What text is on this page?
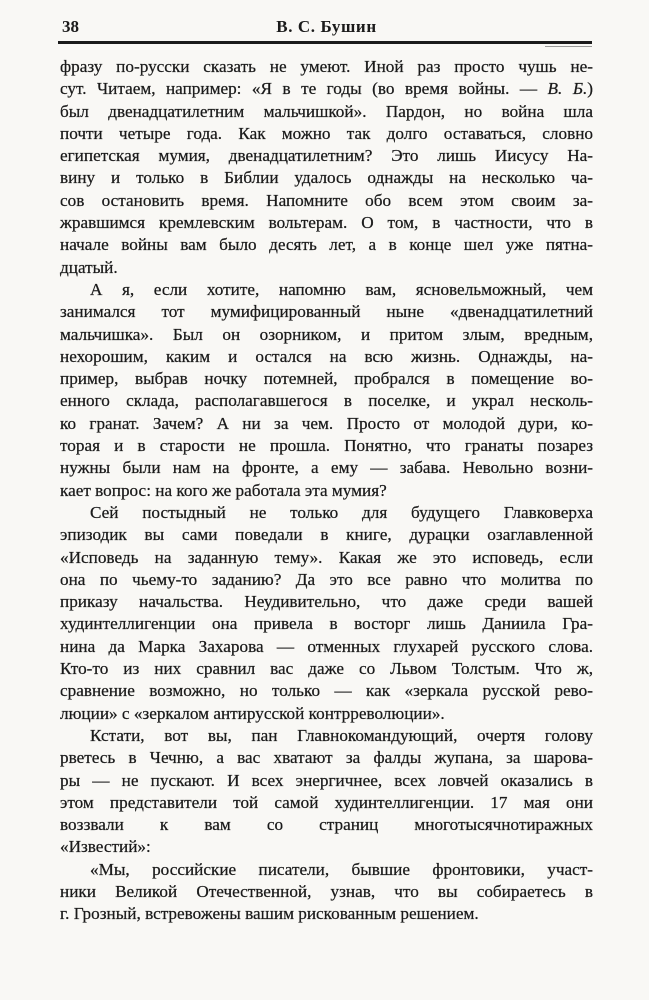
38	В. С. Бушин
фразу по-русски сказать не умеют. Иной раз просто чушь не-
сут. Читаем, например: «Я в те годы (во время войны. — В. Б.)
был двенадцатилетним мальчишкой». Пардон, но война шла
почти четыре года. Как можно так долго оставаться, словно
египетская мумия, двенадцатилетним? Это лишь Иисусу На-
вину и только в Библии удалось однажды на несколько ча-
сов остановить время. Напомните обо всем этом своим за-
жравшимся кремлевским вольтерам. О том, в частности, что в
начале войны вам было десять лет, а в конце шел уже пятна-
дцатый.
А я, если хотите, напомню вам, ясновельможный, чем
занимался тот мумифицированный ныне «двенадцатилетний
мальчишка». Был он озорником, и притом злым, вредным,
нехорошим, каким и остался на всю жизнь. Однажды, на-
пример, выбрав ночку потемней, пробрался в помещение во-
енного склада, располагавшегося в поселке, и украл несколь-
ко гранат. Зачем? А ни за чем. Просто от молодой дури, ко-
торая и в старости не прошла. Понятно, что гранаты позарез
нужны были нам на фронте, а ему — забава. Невольно возни-
кает вопрос: на кого же работала эта мумия?
Сей постыдный не только для будущего Главковерха
эпизодик вы сами поведали в книге, дурацки озаглавленной
«Исповедь на заданную тему». Какая же это исповедь, если
она по чьему-то заданию? Да это все равно что молитва по
приказу начальства. Неудивительно, что даже среди вашей
худинтеллигенции она привела в восторг лишь Даниила Гра-
нина да Марка Захарова — отменных глухарей русского слова.
Кто-то из них сравнил вас даже со Львом Толстым. Что ж,
сравнение возможно, но только — как «зеркала русской рево-
люции» с «зеркалом антирусской контрреволюции».
Кстати, вот вы, пан Главнокомандующий, очертя голову
рветесь в Чечню, а вас хватают за фалды жупана, за шарова-
ры — не пускают. И всех энергичнее, всех ловчей оказались в
этом представители той самой худинтеллигенции. 17 мая они
воззвали к вам со страниц многотысячнотиражных
«Известий»:
«Мы, российские писатели, бывшие фронтовики, участ-
ники Великой Отечественной, узнав, что вы собираетесь в
г. Грозный, встревожены вашим рискованным решением.
